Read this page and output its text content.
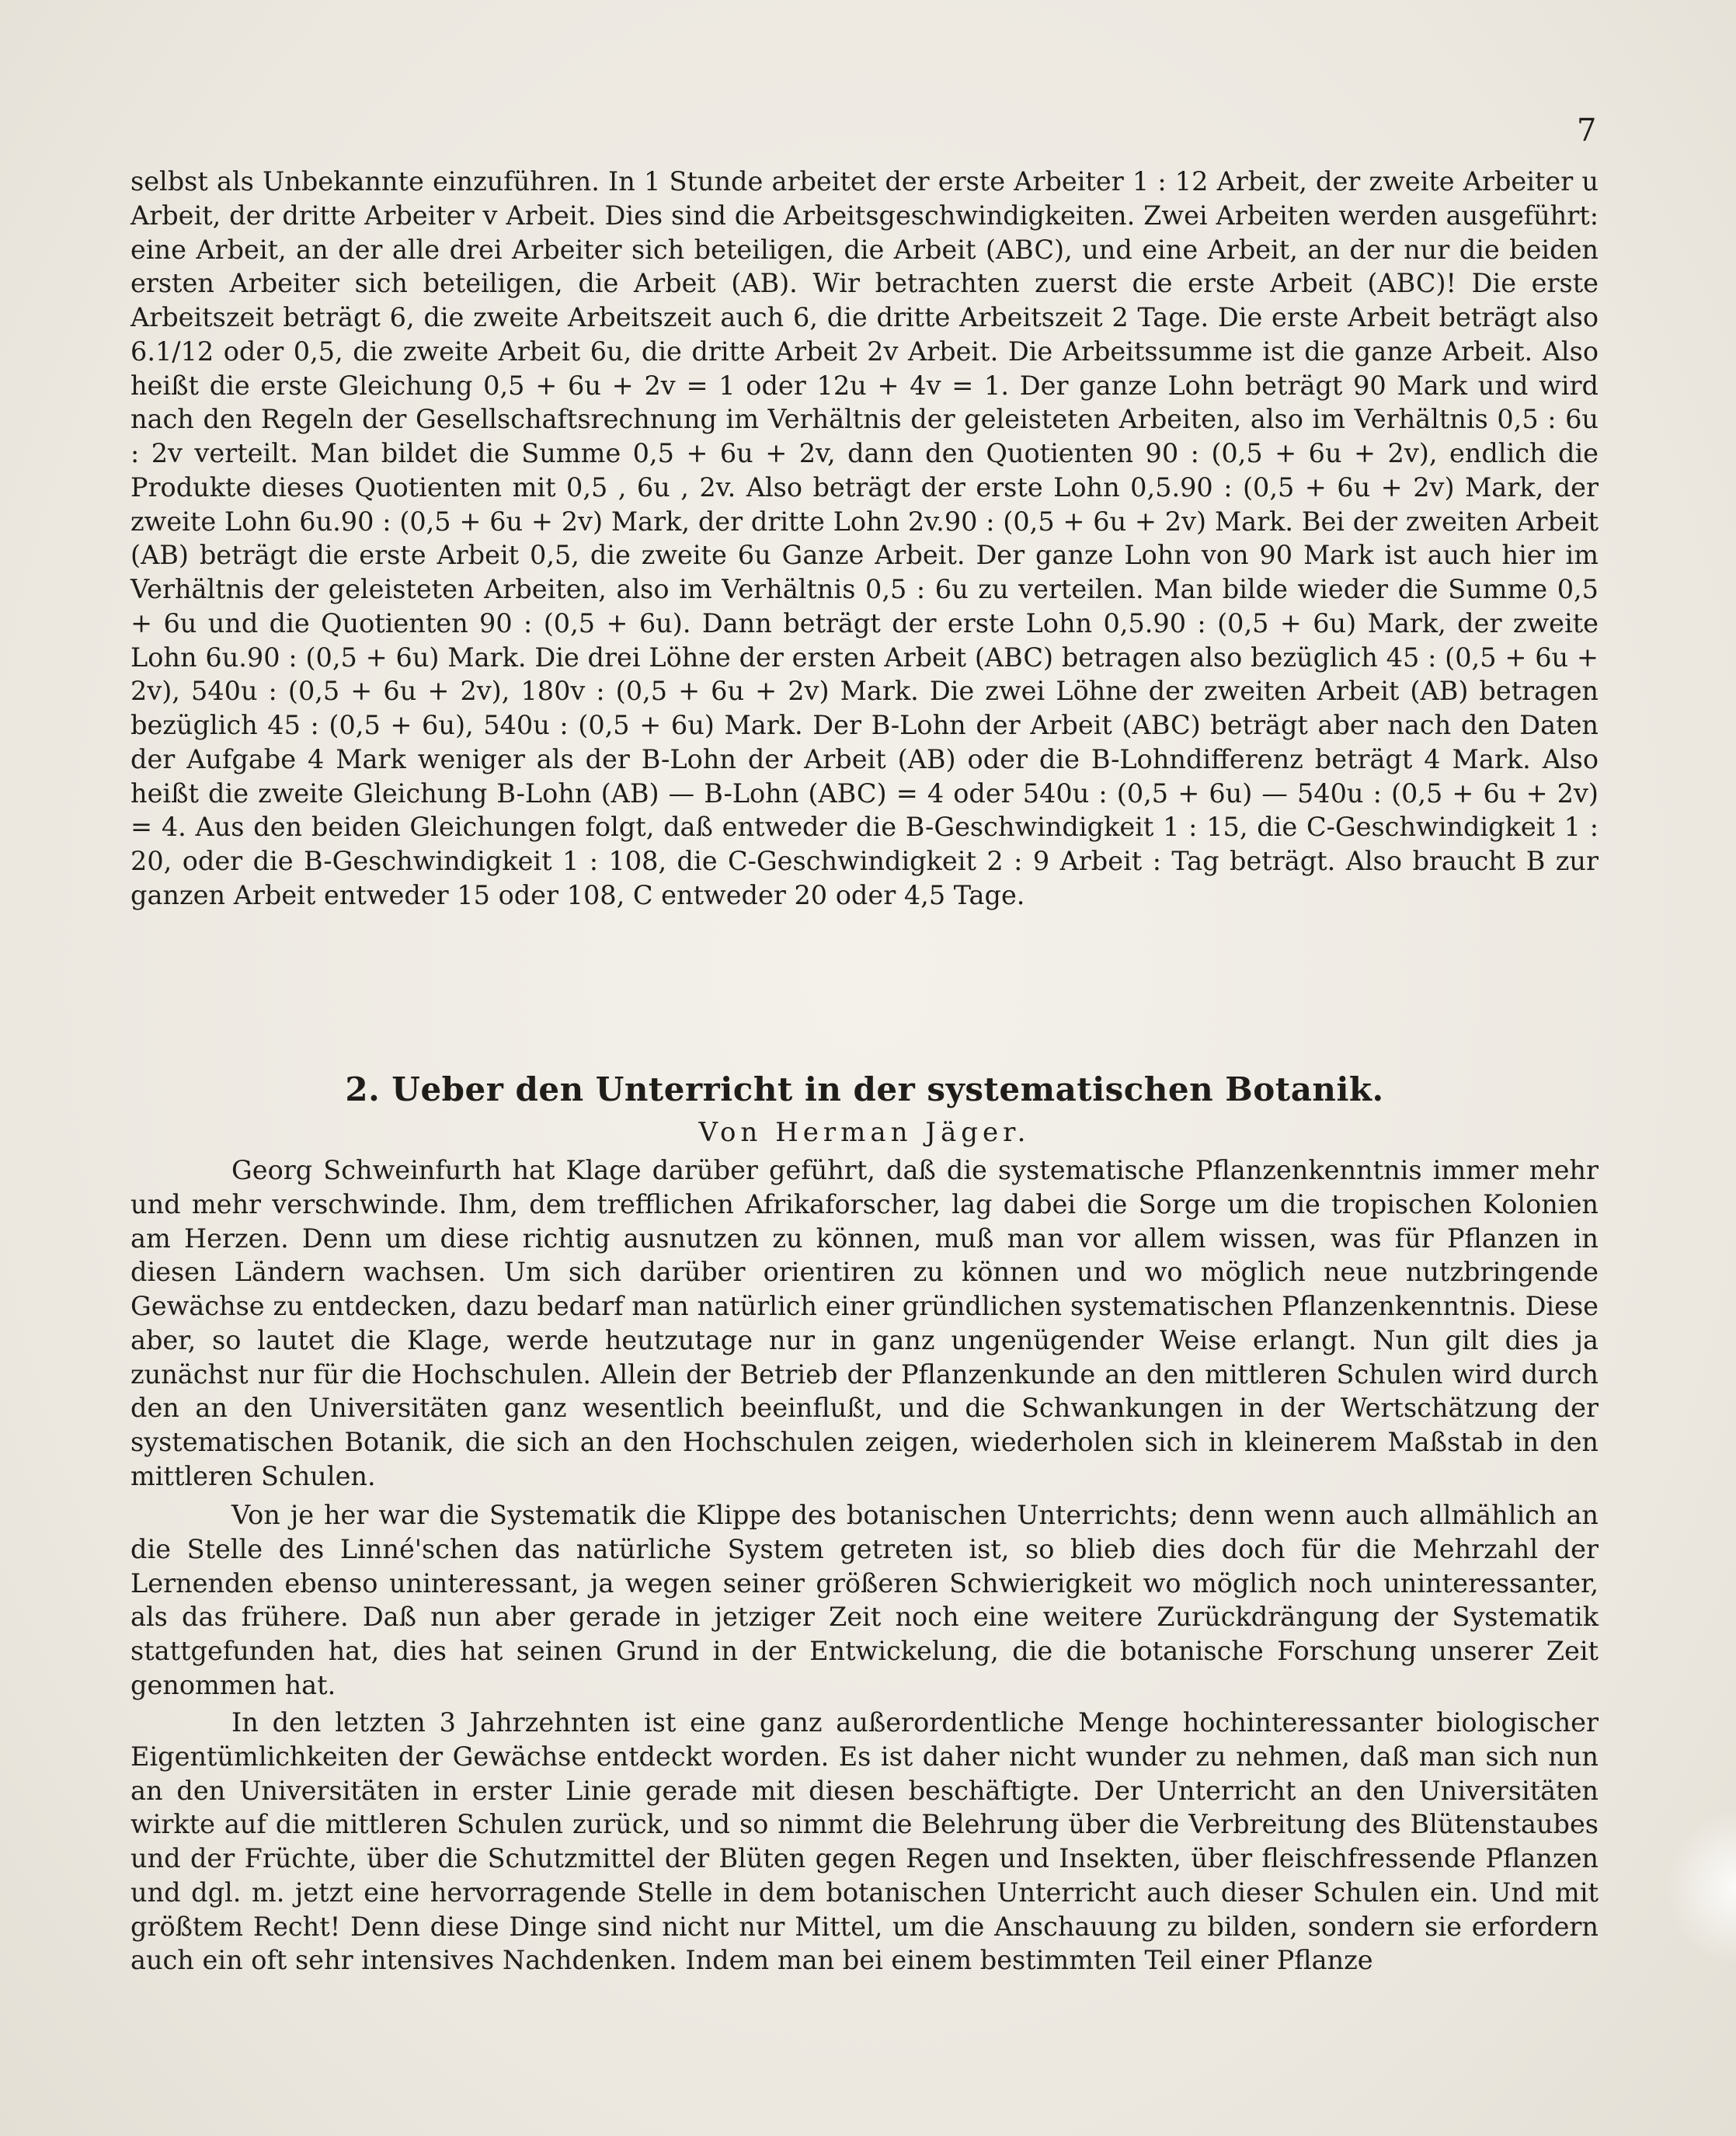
7

selbst als Unbekannte einzuführen. In 1 Stunde arbeitet der erste Arbeiter 1 : 12 Arbeit, der zweite Arbeiter u Arbeit, der dritte Arbeiter v Arbeit. Dies sind die Arbeitsgeschwindigkeiten. Zwei Arbeiten werden ausgeführt: eine Arbeit, an der alle drei Arbeiter sich beteiligen, die Arbeit (ABC), und eine Arbeit, an der nur die beiden ersten Arbeiter sich beteiligen, die Arbeit (AB). Wir betrachten zuerst die erste Arbeit (ABC)! Die erste Arbeitszeit beträgt 6, die zweite Arbeitszeit auch 6, die dritte Arbeitszeit 2 Tage. Die erste Arbeit beträgt also 6.1/12 oder 0,5, die zweite Arbeit 6u, die dritte Arbeit 2v Arbeit. Die Arbeitssumme ist die ganze Arbeit. Also heißt die erste Gleichung 0,5 + 6u + 2v = 1 oder 12u + 4v = 1. Der ganze Lohn beträgt 90 Mark und wird nach den Regeln der Gesellschaftsrechnung im Verhältnis der geleisteten Arbeiten, also im Verhältnis 0,5 : 6u : 2v verteilt. Man bildet die Summe 0,5 + 6u + 2v, dann den Quotienten 90 : (0,5 + 6u + 2v), endlich die Produkte dieses Quotienten mit 0,5 , 6u , 2v. Also beträgt der erste Lohn 0,5.90 : (0,5 + 6u + 2v) Mark, der zweite Lohn 6u.90 : (0,5 + 6u + 2v) Mark, der dritte Lohn 2v.90 : (0,5 + 6u + 2v) Mark. Bei der zweiten Arbeit (AB) beträgt die erste Arbeit 0,5, die zweite 6u Ganze Arbeit. Der ganze Lohn von 90 Mark ist auch hier im Verhältnis der geleisteten Arbeiten, also im Verhältnis 0,5 : 6u zu verteilen. Man bilde wieder die Summe 0,5 + 6u und die Quotienten 90 : (0,5 + 6u). Dann beträgt der erste Lohn 0,5.90 : (0,5 + 6u) Mark, der zweite Lohn 6u.90 : (0,5 + 6u) Mark. Die drei Löhne der ersten Arbeit (ABC) betragen also bezüglich 45 : (0,5 + 6u + 2v), 540u : (0,5 + 6u + 2v), 180v : (0,5 + 6u + 2v) Mark. Die zwei Löhne der zweiten Arbeit (AB) betragen bezüglich 45 : (0,5 + 6u), 540u : (0,5 + 6u) Mark. Der B-Lohn der Arbeit (ABC) beträgt aber nach den Daten der Aufgabe 4 Mark weniger als der B-Lohn der Arbeit (AB) oder die B-Lohndifferenz beträgt 4 Mark. Also heißt die zweite Gleichung B-Lohn (AB) — B-Lohn (ABC) = 4 oder 540u : (0,5 + 6u) — 540u : (0,5 + 6u + 2v) = 4. Aus den beiden Gleichungen folgt, daß entweder die B-Geschwindigkeit 1 : 15, die C-Geschwindigkeit 1 : 20, oder die B-Geschwindigkeit 1 : 108, die C-Geschwindigkeit 2 : 9 Arbeit : Tag beträgt. Also braucht B zur ganzen Arbeit entweder 15 oder 108, C entweder 20 oder 4,5 Tage.

2. Ueber den Unterricht in der systematischen Botanik.
Von Herman Jäger.

Georg Schweinfurth hat Klage darüber geführt, daß die systematische Pflanzenkenntnis immer mehr und mehr verschwinde. Ihm, dem trefflichen Afrikaforscher, lag dabei die Sorge um die tropischen Kolonien am Herzen. Denn um diese richtig ausnutzen zu können, muß man vor allem wissen, was für Pflanzen in diesen Ländern wachsen. Um sich darüber orientiren zu können und wo möglich neue nutzbringende Gewächse zu entdecken, dazu bedarf man natürlich einer gründlichen systematischen Pflanzenkenntnis. Diese aber, so lautet die Klage, werde heutzutage nur in ganz ungenügender Weise erlangt. Nun gilt dies ja zunächst nur für die Hochschulen. Allein der Betrieb der Pflanzenkunde an den mittleren Schulen wird durch den an den Universitäten ganz wesentlich beeinflußt, und die Schwankungen in der Wertschätzung der systematischen Botanik, die sich an den Hochschulen zeigen, wiederholen sich in kleinerem Maßstab in den mittleren Schulen.

Von je her war die Systematik die Klippe des botanischen Unterrichts; denn wenn auch allmählich an die Stelle des Linné'schen das natürliche System getreten ist, so blieb dies doch für die Mehrzahl der Lernenden ebenso uninteressant, ja wegen seiner größeren Schwierigkeit wo möglich noch uninteressanter, als das frühere. Daß nun aber gerade in jetziger Zeit noch eine weitere Zurückdrängung der Systematik stattgefunden hat, dies hat seinen Grund in der Entwickelung, die die botanische Forschung unserer Zeit genommen hat.

In den letzten 3 Jahrzehnten ist eine ganz außerordentliche Menge hochinteressanter biologischer Eigentümlichkeiten der Gewächse entdeckt worden. Es ist daher nicht wunder zu nehmen, daß man sich nun an den Universitäten in erster Linie gerade mit diesen beschäftigte. Der Unterricht an den Universitäten wirkte auf die mittleren Schulen zurück, und so nimmt die Belehrung über die Verbreitung des Blütenstaubes und der Früchte, über die Schutzmittel der Blüten gegen Regen und Insekten, über fleischfressende Pflanzen und dgl. m. jetzt eine hervorragende Stelle in dem botanischen Unterricht auch dieser Schulen ein. Und mit größtem Recht! Denn diese Dinge sind nicht nur Mittel, um die Anschauung zu bilden, sondern sie erfordern auch ein oft sehr intensives Nachdenken. Indem man bei einem bestimmten Teil einer Pflanze
